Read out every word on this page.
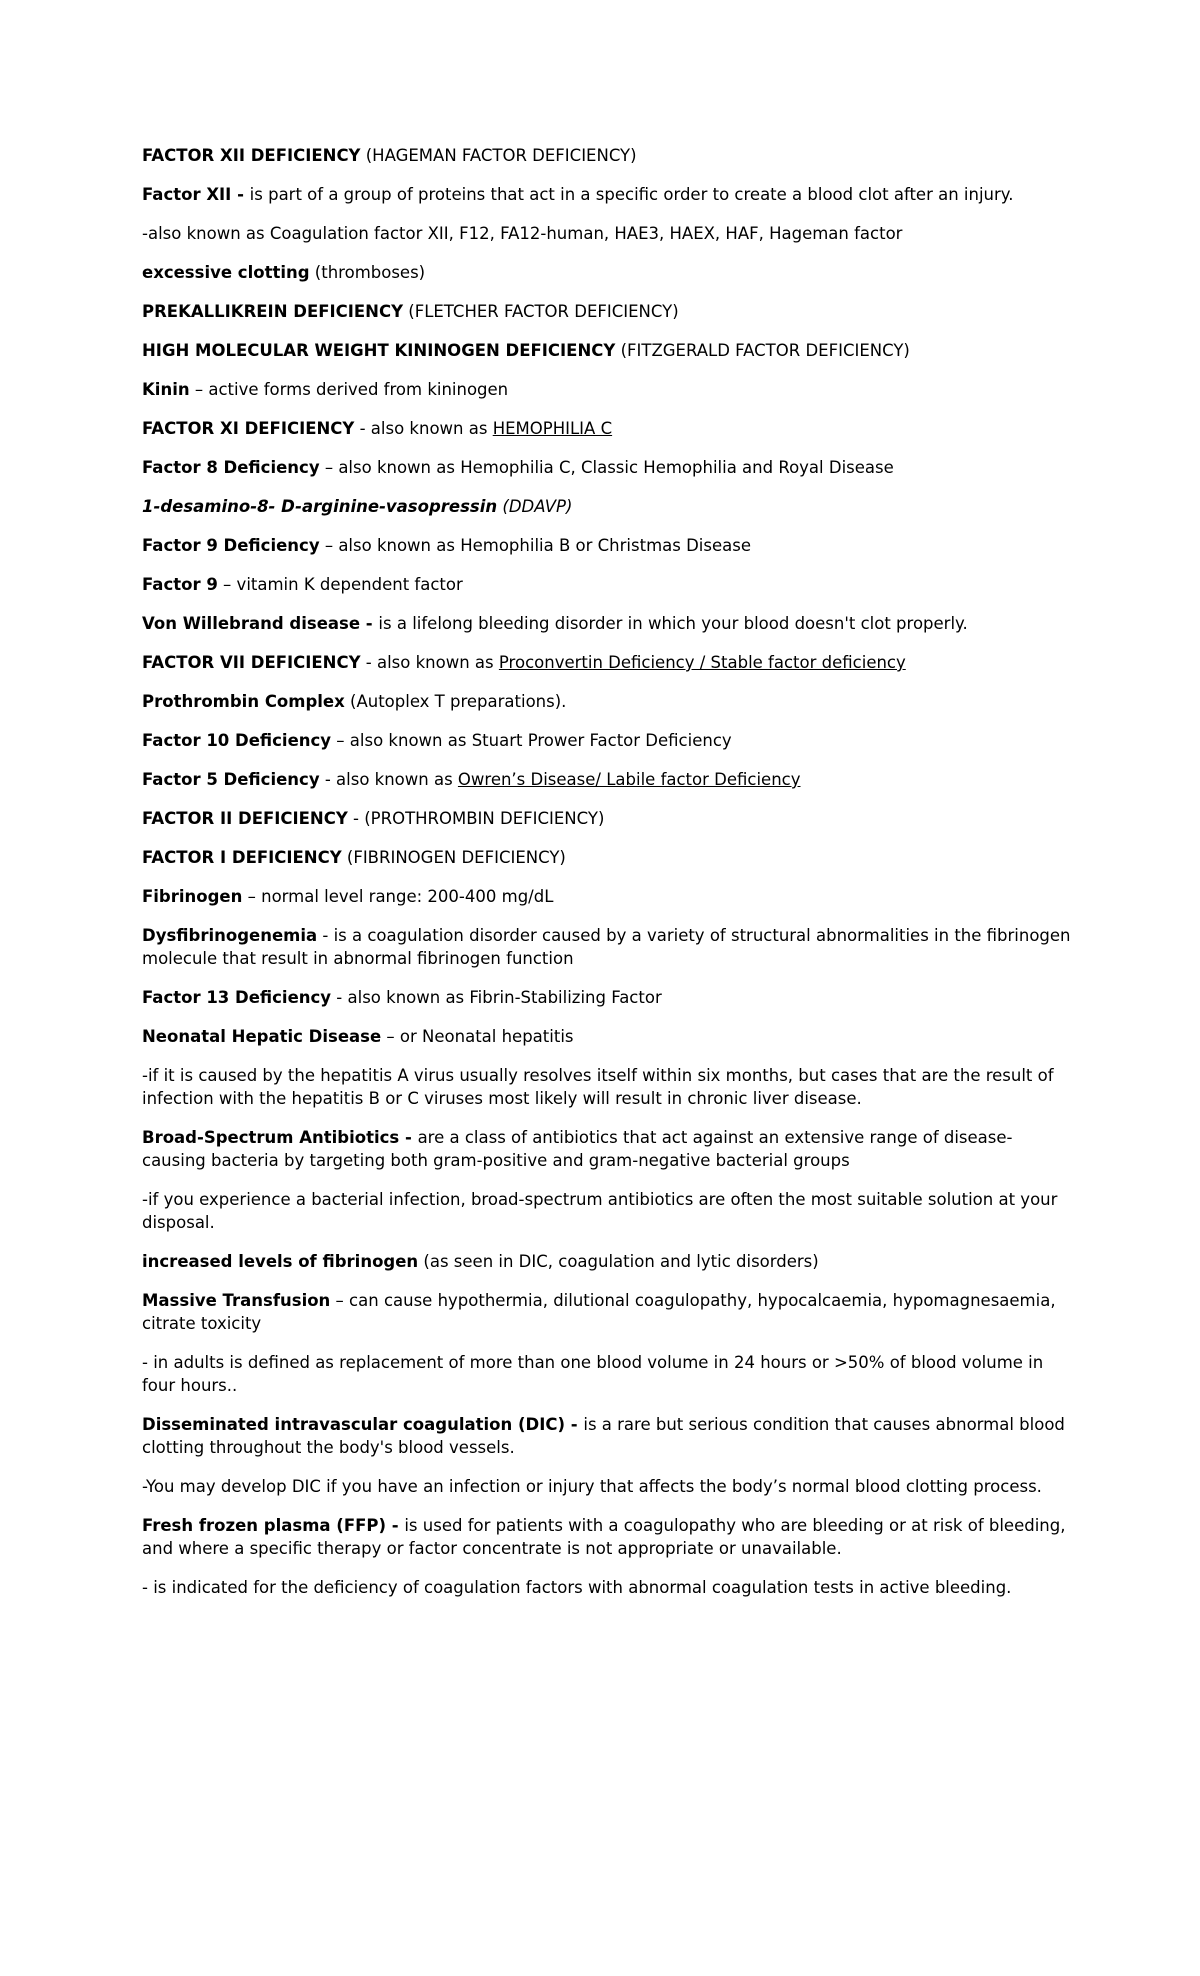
FACTOR XII DEFICIENCY (HAGEMAN FACTOR DEFICIENCY)

Factor XII - is part of a group of proteins that act in a specific order to create a blood clot after an injury.

-also known as Coagulation factor XII, F12, FA12-human, HAE3, HAEX, HAF, Hageman factor

excessive clotting (thromboses)

PREKALLIKREIN DEFICIENCY (FLETCHER FACTOR DEFICIENCY)

HIGH MOLECULAR WEIGHT KININOGEN DEFICIENCY (FITZGERALD FACTOR DEFICIENCY)

Kinin – active forms derived from kininogen

FACTOR XI DEFICIENCY - also known as HEMOPHILIA C

Factor 8 Deficiency – also known as Hemophilia C, Classic Hemophilia and Royal Disease

1-desamino-8- D-arginine-vasopressin (DDAVP)

Factor 9 Deficiency – also known as Hemophilia B or Christmas Disease

Factor 9 – vitamin K dependent factor

Von Willebrand disease - is a lifelong bleeding disorder in which your blood doesn't clot properly.

FACTOR VII DEFICIENCY - also known as Proconvertin Deficiency / Stable factor deficiency

Prothrombin Complex (Autoplex T preparations).

Factor 10 Deficiency – also known as Stuart Prower Factor Deficiency

Factor 5 Deficiency - also known as Owren’s Disease/ Labile factor Deficiency

FACTOR II DEFICIENCY - (PROTHROMBIN DEFICIENCY)

FACTOR I DEFICIENCY (FIBRINOGEN DEFICIENCY)

Fibrinogen – normal level range: 200-400 mg/dL

Dysfibrinogenemia - is a coagulation disorder caused by a variety of structural abnormalities in the fibrinogen molecule that result in abnormal fibrinogen function

Factor 13 Deficiency - also known as Fibrin-Stabilizing Factor

Neonatal Hepatic Disease – or Neonatal hepatitis

-if it is caused by the hepatitis A virus usually resolves itself within six months, but cases that are the result of infection with the hepatitis B or C viruses most likely will result in chronic liver disease.

Broad-Spectrum Antibiotics - are a class of antibiotics that act against an extensive range of disease-causing bacteria by targeting both gram-positive and gram-negative bacterial groups

-if you experience a bacterial infection, broad-spectrum antibiotics are often the most suitable solution at your disposal.

increased levels of fibrinogen (as seen in DIC, coagulation and lytic disorders)

Massive Transfusion – can cause hypothermia, dilutional coagulopathy, hypocalcaemia, hypomagnesaemia, citrate toxicity

- in adults is defined as replacement of more than one blood volume in 24 hours or >50% of blood volume in four hours..

Disseminated intravascular coagulation (DIC) - is a rare but serious condition that causes abnormal blood clotting throughout the body's blood vessels.

-You may develop DIC if you have an infection or injury that affects the body’s normal blood clotting process.

Fresh frozen plasma (FFP) - is used for patients with a coagulopathy who are bleeding or at risk of bleeding, and where a specific therapy or factor concentrate is not appropriate or unavailable.

- is indicated for the deficiency of coagulation factors with abnormal coagulation tests in active bleeding.
